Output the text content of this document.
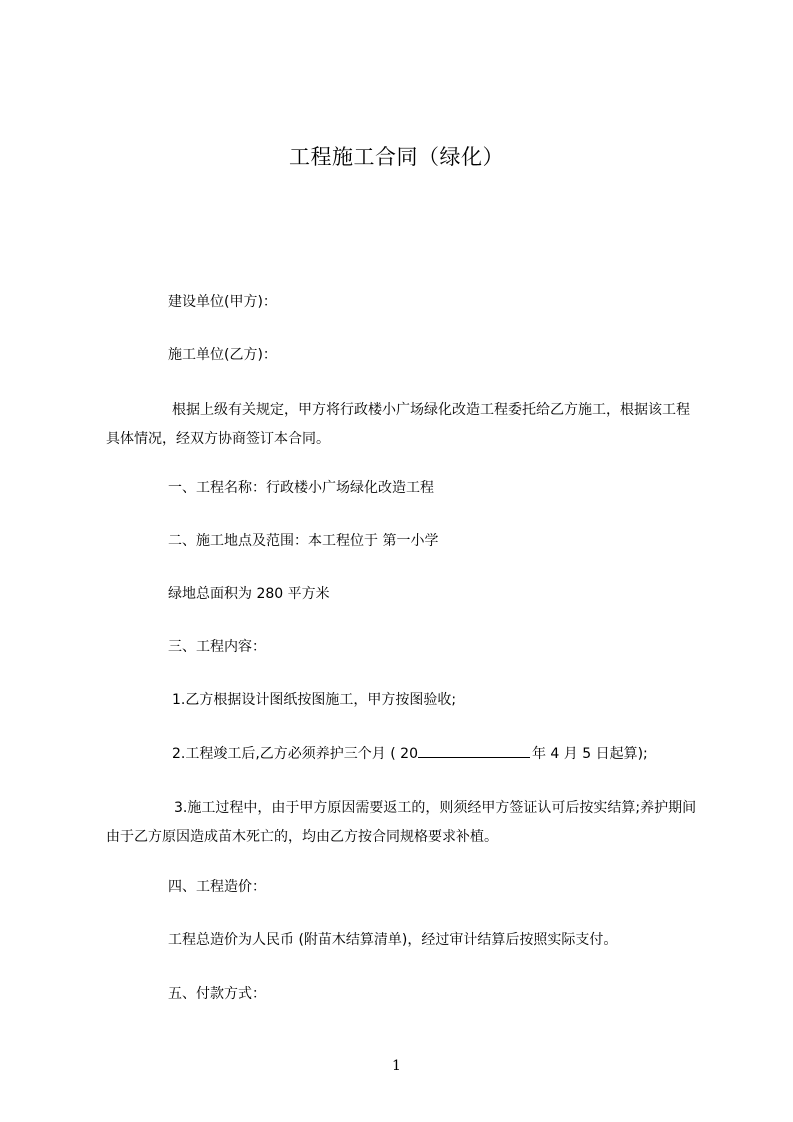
工程施工合同（绿化）
建设单位(甲方)：
施工单位(乙方)：
根据上级有关规定，甲方将行政楼小广场绿化改造工程委托给乙方施工，根据该工程具体情况，经双方协商签订本合同。
一、工程名称：行政楼小广场绿化改造工程
二、施工地点及范围：本工程位于 第一小学
绿地总面积为 280 平方米
三、工程内容：
1.乙方根据设计图纸按图施工，甲方按图验收;
2.工程竣工后,乙方必须养护三个月 ( 20	年 4 月 5 日起算);
3.施工过程中，由于甲方原因需要返工的，则须经甲方签证认可后按实结算;养护期间由于乙方原因造成苗木死亡的，均由乙方按合同规格要求补植。
四、工程造价：
工程总造价为人民币 (附苗木结算清单)，经过审计结算后按照实际支付。
五、付款方式：
1
